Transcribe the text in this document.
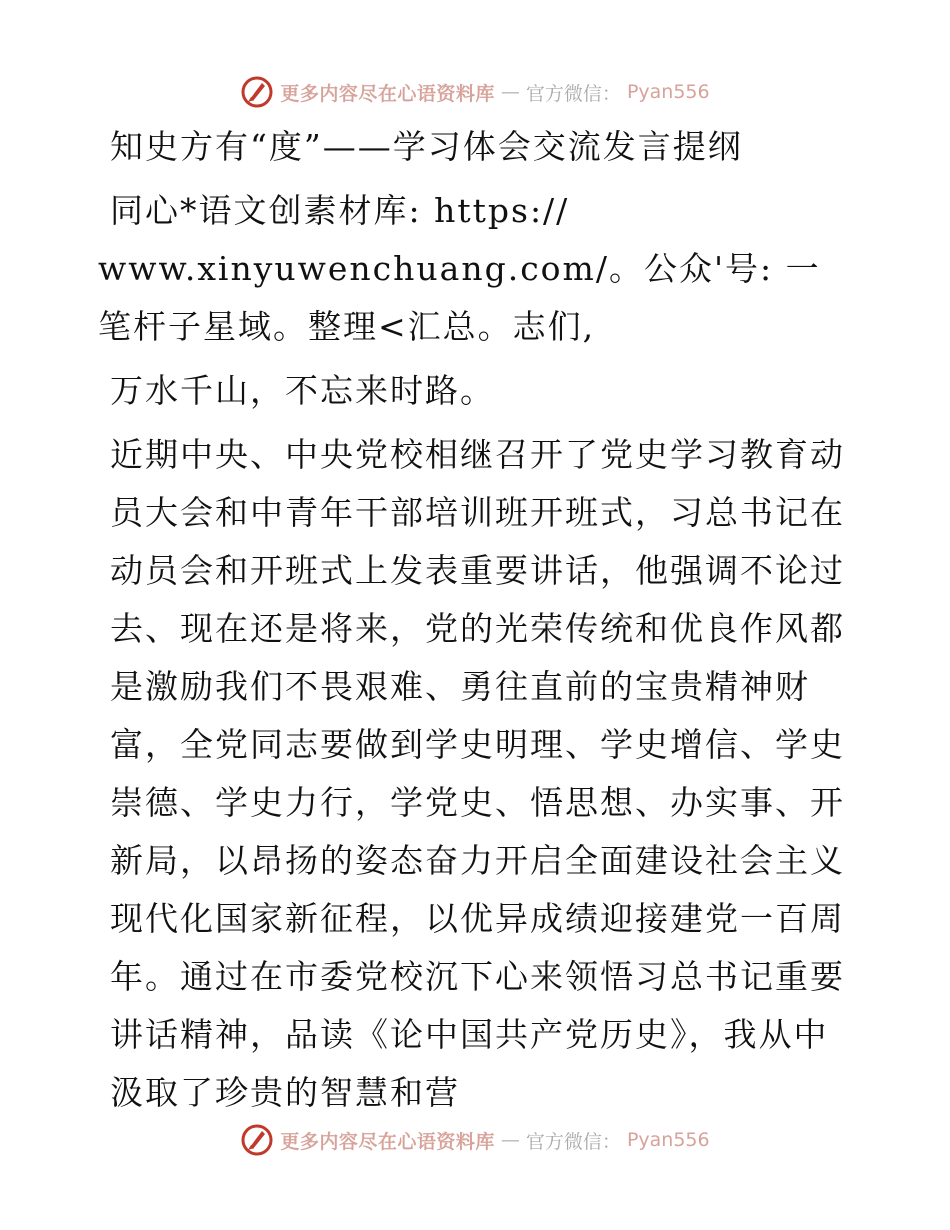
更多内容尽在心语资料库 — 官方微信： Pyan556

知史方有“度”——学习体会交流发言提纲

同心*语文创素材库: https://

www.xinyuwenchuang.com/。公众'号: 一笔杆子星域。整理<汇总。志们,

万水千山，不忘来时路。

近期中央、中央党校相继召开了党史学习教育动员大会和中青年干部培训班开班式，习总书记在动员会和开班式上发表重要讲话，他强调不论过去、现在还是将来，党的光荣传统和优良作风都是激励我们不畏艰难、勇往直前的宝贵精神财富，全党同志要做到学史明理、学史增信、学史崇德、学史力行，学党史、悟思想、办实事、开新局，以昂扬的姿态奋力开启全面建设社会主义现代化国家新征程，以优异成绩迎接建党一百周年。通过在市委党校沉下心来领悟习总书记重要讲话精神，品读《论中国共产党历史》，我从中汲取了珍贵的智慧和营

更多内容尽在心语资料库 — 官方微信： Pyan556
